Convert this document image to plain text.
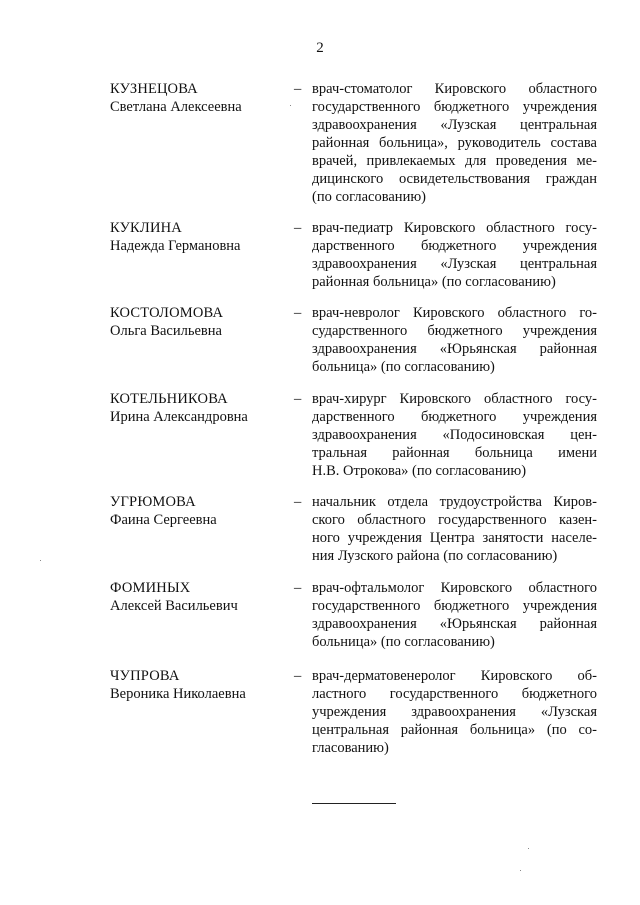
2
КУЗНЕЦОВА
Светлана Алексеевна
– врач-стоматолог Кировского областного
государственного бюджетного учреждения
здравоохранения «Лузская центральная
районная больница», руководитель состава
врачей, привлекаемых для проведения ме-
дицинского освидетельствования граждан
(по согласованию)
КУКЛИНА
Надежда Германовна
– врач-педиатр Кировского областного госу-
дарственного бюджетного учреждения
здравоохранения «Лузская центральная
районная больница» (по согласованию)
КОСТОЛОМОВА
Ольга Васильевна
– врач-невролог Кировского областного го-
сударственного бюджетного учреждения
здравоохранения «Юрьянская районная
больница» (по согласованию)
КОТЕЛЬНИКОВА
Ирина Александровна
– врач-хирург Кировского областного госу-
дарственного бюджетного учреждения
здравоохранения «Подосиновская цен-
тральная районная больница имени
Н.В. Отрокова» (по согласованию)
УГРЮМОВА
Фаина Сергеевна
– начальник отдела трудоустройства Киров-
ского областного государственного казен-
ного учреждения Центра занятости населе-
ния Лузского района (по согласованию)
ФОМИНЫХ
Алексей Васильевич
– врач-офтальмолог Кировского областного
государственного бюджетного учреждения
здравоохранения «Юрьянская районная
больница» (по согласованию)
ЧУПРОВА
Вероника Николаевна
– врач-дерматовенеролог Кировского об-
ластного государственного бюджетного
учреждения здравоохранения «Лузская
центральная районная больница» (по со-
гласованию)
